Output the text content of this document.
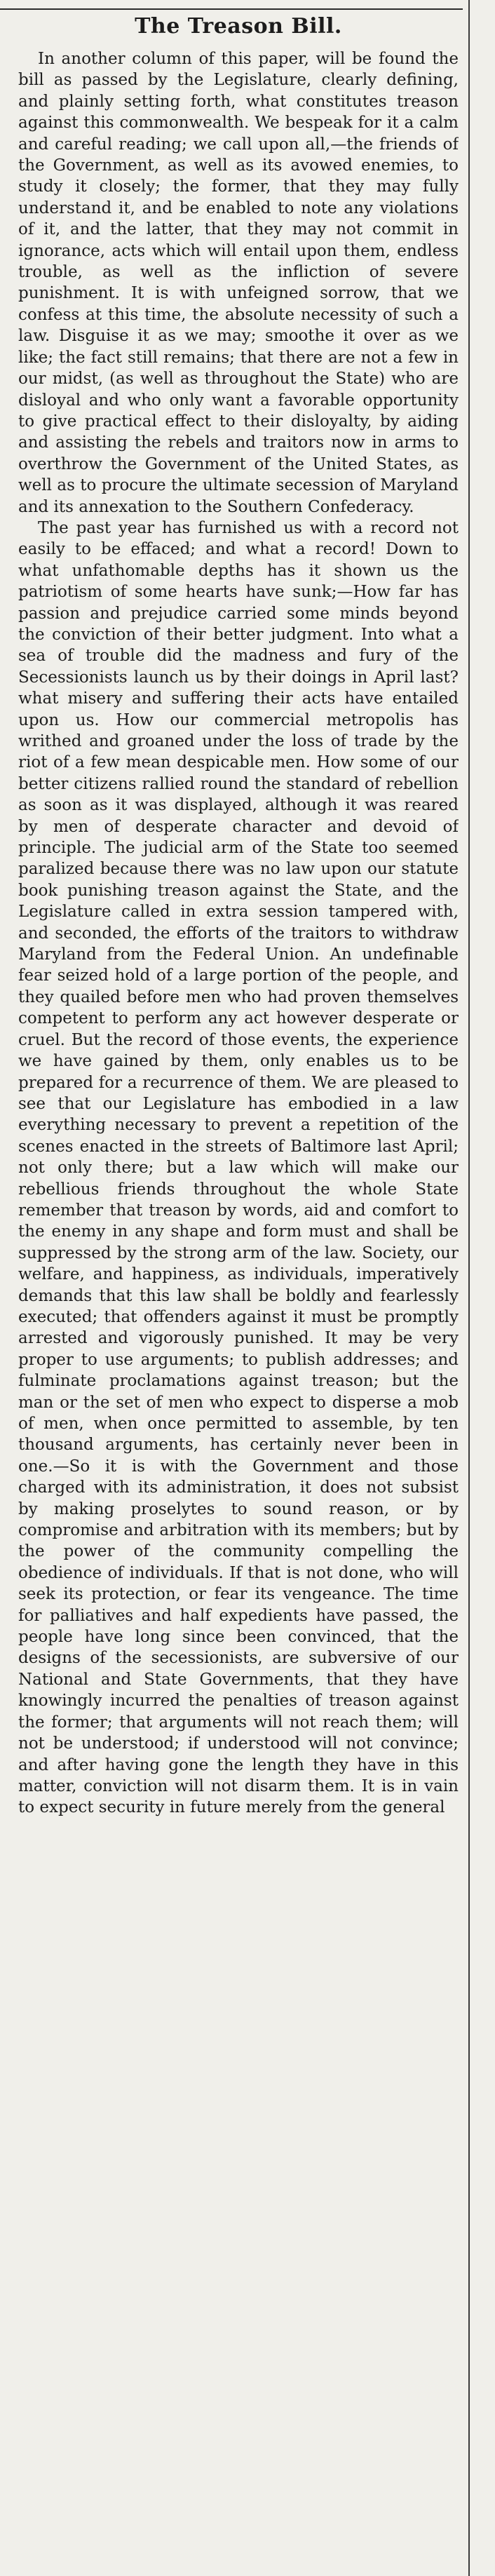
The Treason Bill.

In another column of this paper, will be found the bill as passed by the Legislature, clearly defining, and plainly setting forth, what constitutes treason against this commonwealth. We bespeak for it a calm and careful reading; we call upon all,—the friends of the Government, as well as its avowed enemies, to study it closely; the former, that they may fully understand it, and be enabled to note any violations of it, and the latter, that they may not commit in ignorance, acts which will entail upon them, endless trouble, as well as the infliction of severe punishment. It is with unfeigned sorrow, that we confess at this time, the absolute necessity of such a law. Disguise it as we may; smoothe it over as we like; the fact still remains; that there are not a few in our midst, (as well as throughout the State) who are disloyal and who only want a favorable opportunity to give practical effect to their disloyalty, by aiding and assisting the rebels and traitors now in arms to overthrow the Government of the United States, as well as to procure the ultimate secession of Maryland and its annexation to the Southern Confederacy.

The past year has furnished us with a record not easily to be effaced; and what a record! Down to what unfathomable depths has it shown us the patriotism of some hearts have sunk;—How far has passion and prejudice carried some minds beyond the conviction of their better judgment. Into what a sea of trouble did the madness and fury of the Secessionists launch us by their doings in April last? what misery and suffering their acts have entailed upon us. How our commercial metropolis has writhed and groaned under the loss of trade by the riot of a few mean despicable men. How some of our better citizens rallied round the standard of rebellion as soon as it was displayed, although it was reared by men of desperate character and devoid of principle. The judicial arm of the State too seemed paralized because there was no law upon our statute book punishing treason against the State, and the Legislature called in extra session tampered with, and seconded, the efforts of the traitors to withdraw Maryland from the Federal Union. An undefinable fear seized hold of a large portion of the people, and they quailed before men who had proven themselves competent to perform any act however desperate or cruel. But the record of those events, the experience we have gained by them, only enables us to be prepared for a recurrence of them. We are pleased to see that our Legislature has embodied in a law everything necessary to prevent a repetition of the scenes enacted in the streets of Baltimore last April; not only there; but a law which will make our rebellious friends throughout the whole State remember that treason by words, aid and comfort to the enemy in any shape and form must and shall be suppressed by the strong arm of the law. Society, our welfare, and happiness, as individuals, imperatively demands that this law shall be boldly and fearlessly executed; that offenders against it must be promptly arrested and vigorously punished. It may be very proper to use arguments; to publish addresses; and fulminate proclamations against treason; but the man or the set of men who expect to disperse a mob of men, when once permitted to assemble, by ten thousand arguments, has certainly never been in one.—So it is with the Government and those charged with its administration, it does not subsist by making proselytes to sound reason, or by compromise and arbitration with its members; but by the power of the community compelling the obedience of individuals. If that is not done, who will seek its protection, or fear its vengeance. The time for palliatives and half expedients have passed, the people have long since been convinced, that the designs of the secessionists, are subversive of our National and State Governments, that they have knowingly incurred the penalties of treason against the former; that arguments will not reach them; will not be understood; if understood will not convince; and after having gone the length they have in this matter, conviction will not disarm them. It is in vain to expect security in future merely from the general
